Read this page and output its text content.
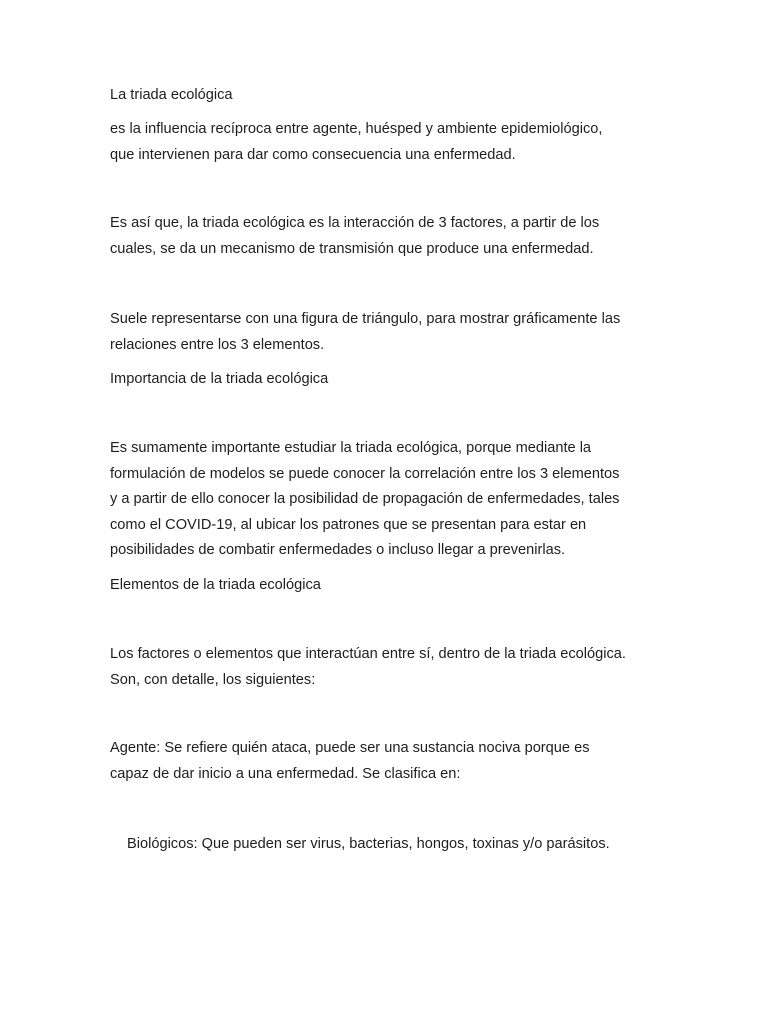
La triada ecológica

es la influencia recíproca entre agente, huésped y ambiente epidemiológico,
que intervienen para dar como consecuencia una enfermedad.

Es así que, la triada ecológica es la interacción de 3 factores, a partir de los
cuales, se da un mecanismo de transmisión que produce una enfermedad.

Suele representarse con una figura de triángulo, para mostrar gráficamente las
relaciones entre los 3 elementos.

Importancia de la triada ecológica

Es sumamente importante estudiar la triada ecológica, porque mediante la
formulación de modelos se puede conocer la correlación entre los 3 elementos
y a partir de ello conocer la posibilidad de propagación de enfermedades, tales
como el COVID-19, al ubicar los patrones que se presentan para estar en
posibilidades de combatir enfermedades o incluso llegar a prevenirlas.

Elementos de la triada ecológica

Los factores o elementos que interactúan entre sí, dentro de la triada ecológica.
Son, con detalle, los siguientes:

Agente: Se refiere quién ataca, puede ser una sustancia nociva porque es
capaz de dar inicio a una enfermedad. Se clasifica en:

Biológicos: Que pueden ser virus, bacterias, hongos, toxinas y/o parásitos.
